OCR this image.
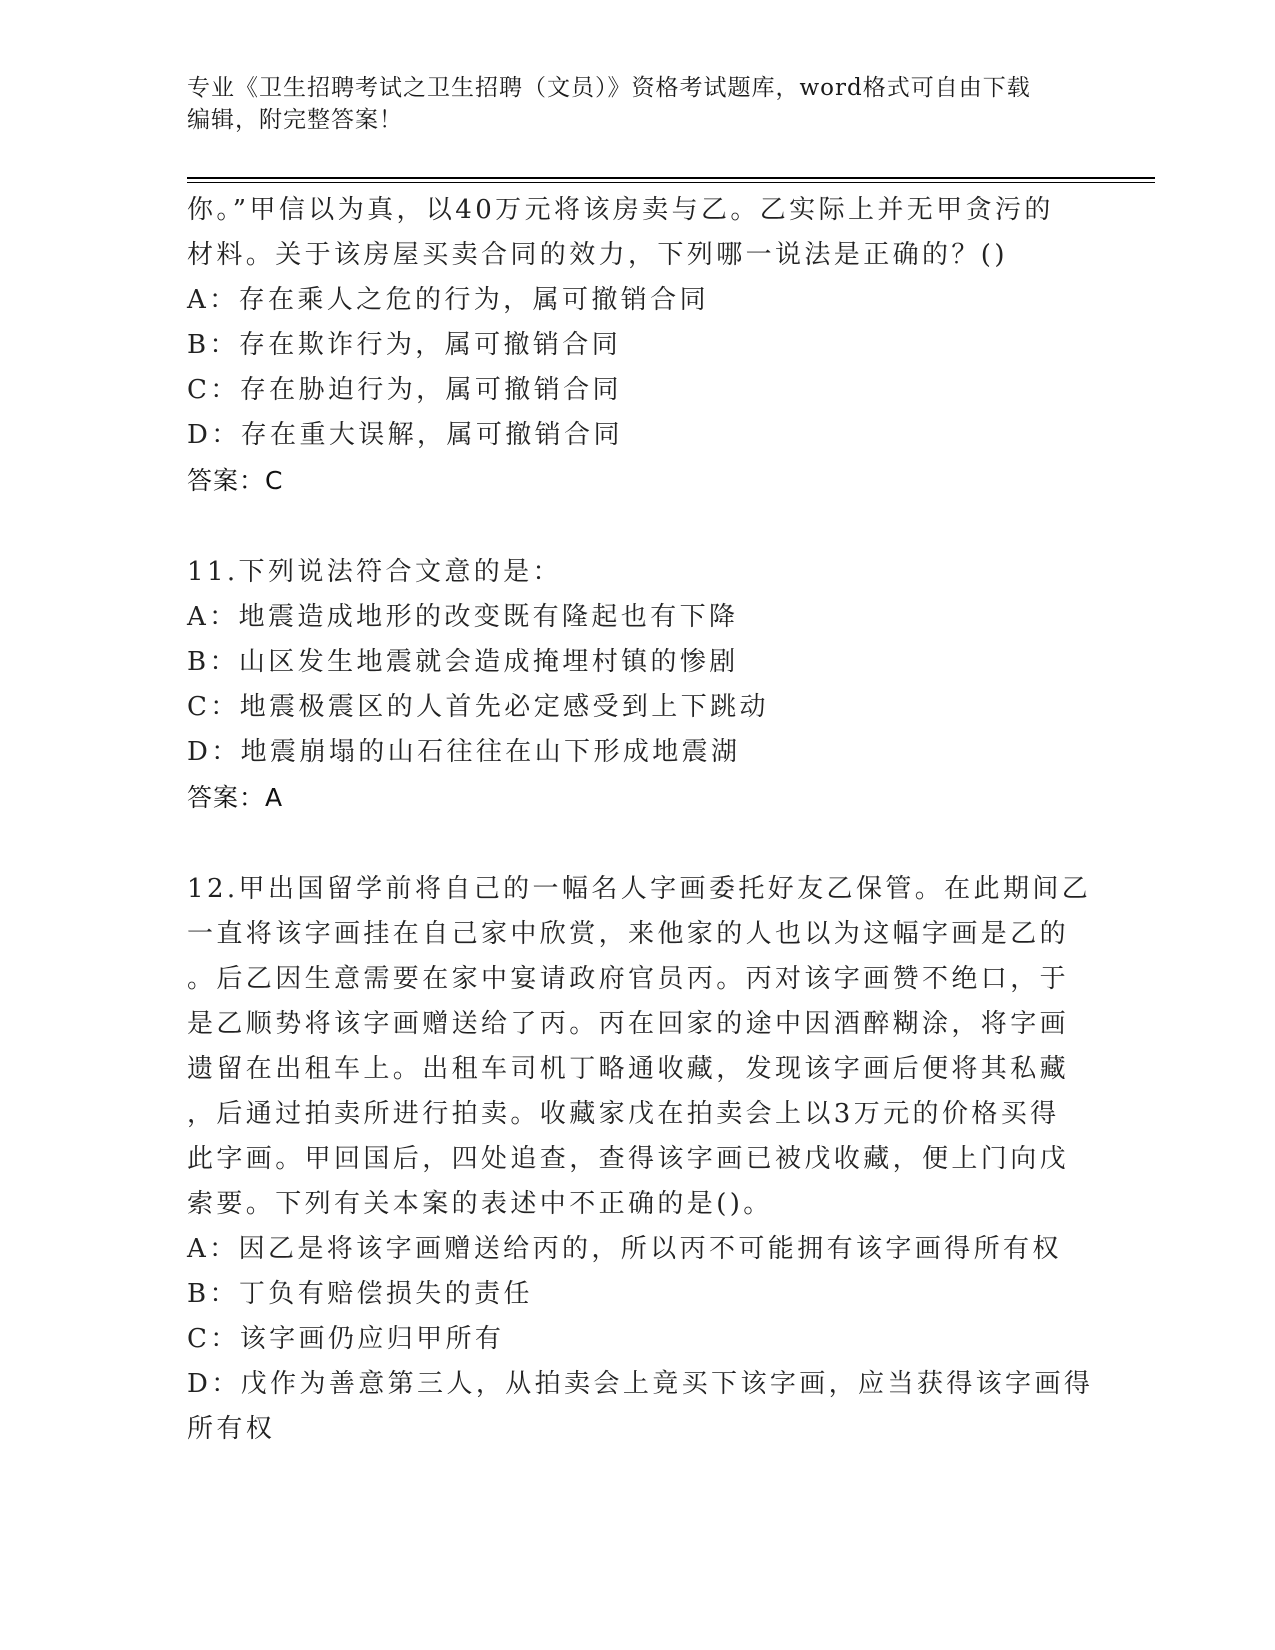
专业《卫生招聘考试之卫生招聘（文员）》资格考试题库，word格式可自由下载
编辑，附完整答案！
你。”甲信以为真，以40万元将该房卖与乙。乙实际上并无甲贪污的
材料。关于该房屋买卖合同的效力，下列哪一说法是正确的？()
A：存在乘人之危的行为，属可撤销合同
B：存在欺诈行为，属可撤销合同
C：存在胁迫行为，属可撤销合同
D：存在重大误解，属可撤销合同
答案：C
11.下列说法符合文意的是：
A：地震造成地形的改变既有隆起也有下降
B：山区发生地震就会造成掩埋村镇的惨剧
C：地震极震区的人首先必定感受到上下跳动
D：地震崩塌的山石往往在山下形成地震湖
答案：A
12.甲出国留学前将自己的一幅名人字画委托好友乙保管。在此期间乙
一直将该字画挂在自己家中欣赏，来他家的人也以为这幅字画是乙的
。后乙因生意需要在家中宴请政府官员丙。丙对该字画赞不绝口，于
是乙顺势将该字画赠送给了丙。丙在回家的途中因酒醉糊涂，将字画
遗留在出租车上。出租车司机丁略通收藏，发现该字画后便将其私藏
，后通过拍卖所进行拍卖。收藏家戊在拍卖会上以3万元的价格买得
此字画。甲回国后，四处追查，查得该字画已被戊收藏，便上门向戊
索要。下列有关本案的表述中不正确的是()。
A：因乙是将该字画赠送给丙的，所以丙不可能拥有该字画得所有权
B：丁负有赔偿损失的责任
C：该字画仍应归甲所有
D：戊作为善意第三人，从拍卖会上竟买下该字画，应当获得该字画得
所有权
